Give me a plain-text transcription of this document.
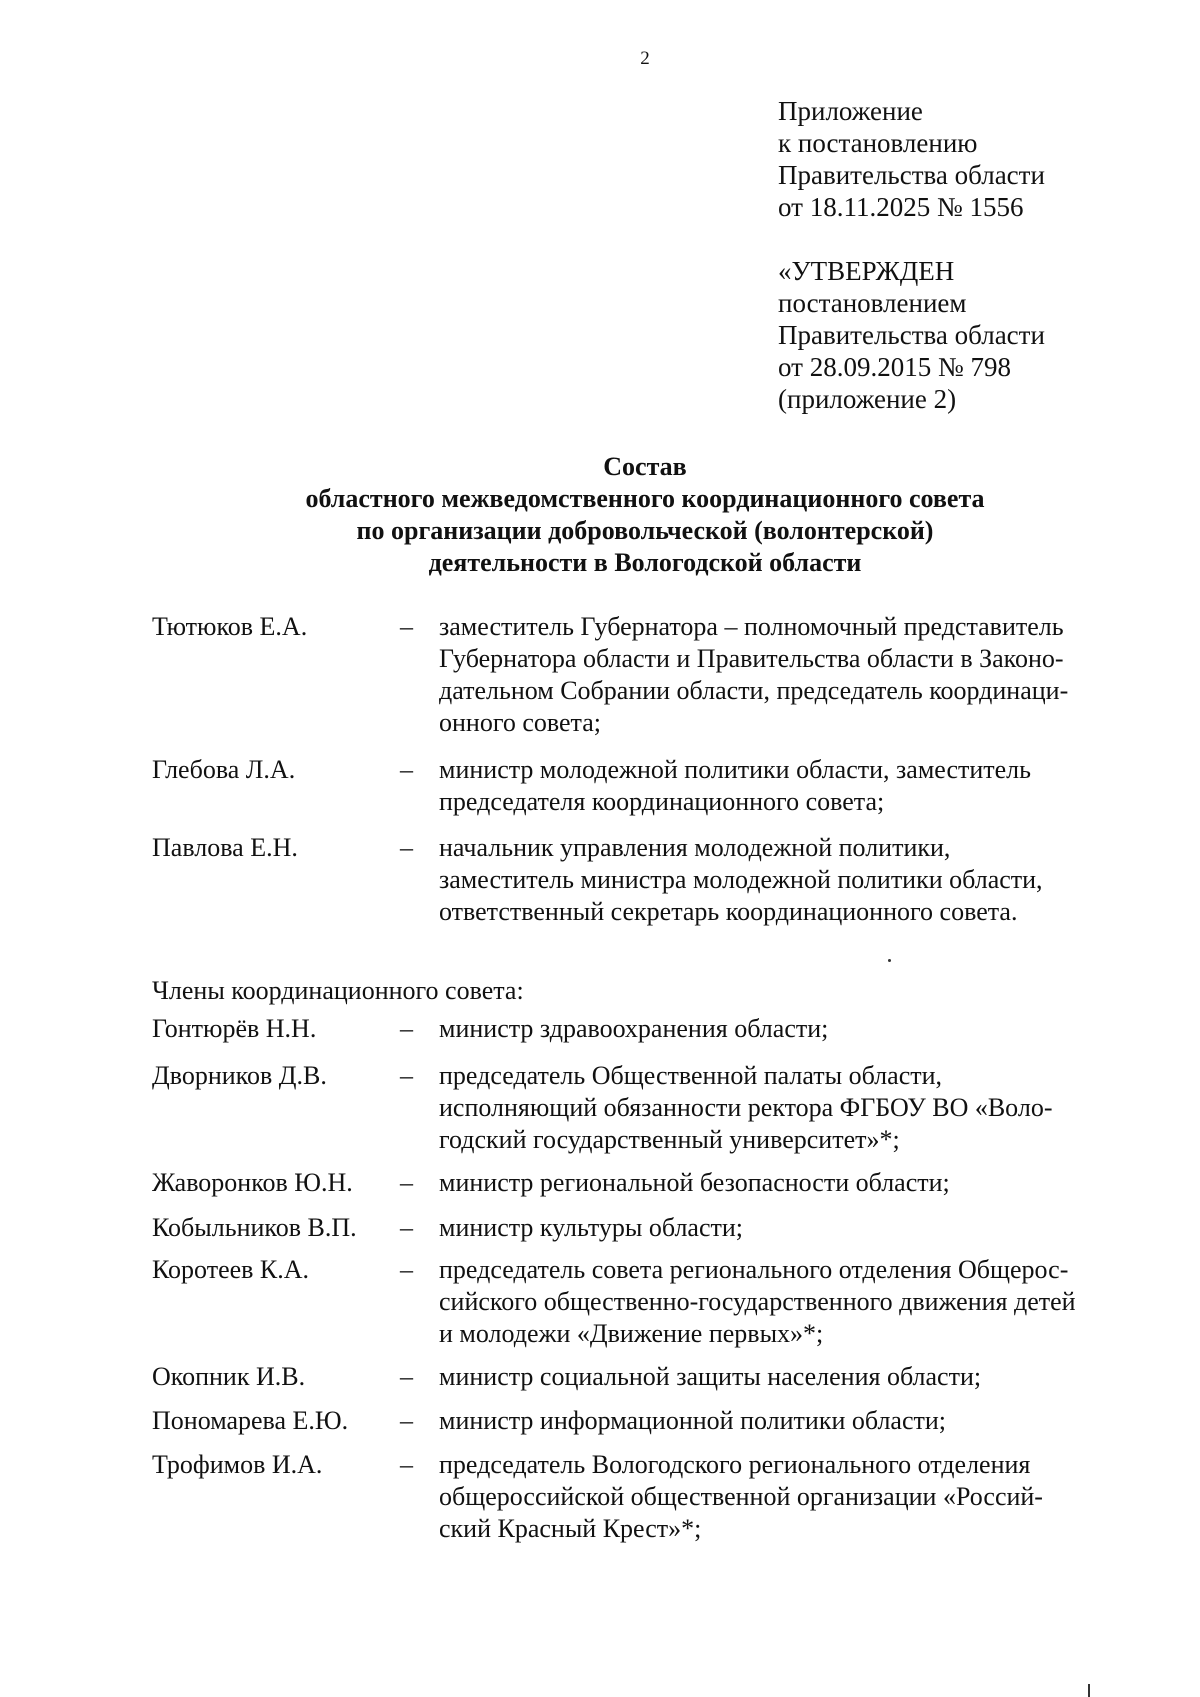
2
Приложение
к постановлению
Правительства области
от 18.11.2025 № 1556
«УТВЕРЖДЕН
постановлением
Правительства области
от 28.09.2015 № 798
(приложение 2)
Состав
областного межведомственного координационного совета
по организации добровольческой (волонтерской)
деятельности в Вологодской области
Тютюков Е.А.	– заместитель Губернатора – полномочный представитель
Губернатора области и Правительства области в Законо-
дательном Собрании области, председатель координаци-
онного совета;
Глебова Л.А.	– министр молодежной политики области, заместитель
председателя координационного совета;
Павлова Е.Н.	– начальник управления молодежной политики,
заместитель министра молодежной политики области,
ответственный секретарь координационного совета.
Члены координационного совета:
Гонтюрёв Н.Н.	– министр здравоохранения области;
Дворников Д.В.	– председатель Общественной палаты области,
исполняющий обязанности ректора ФГБОУ ВО «Воло-
годский государственный университет»*;
Жаворонков Ю.Н. – министр региональной безопасности области;
Кобыльников В.П. – министр культуры области;
Коротеев К.А.	– председатель совета регионального отделения Общерос-
сийского общественно-государственного движения детей
и молодежи «Движение первых»*;
Окопник И.В.	– министр социальной защиты населения области;
Пономарева Е.Ю. – министр информационной политики области;
Трофимов И.А.	– председатель Вологодского регионального отделения
общероссийской общественной организации «Россий-
ский Красный Крест»*;
